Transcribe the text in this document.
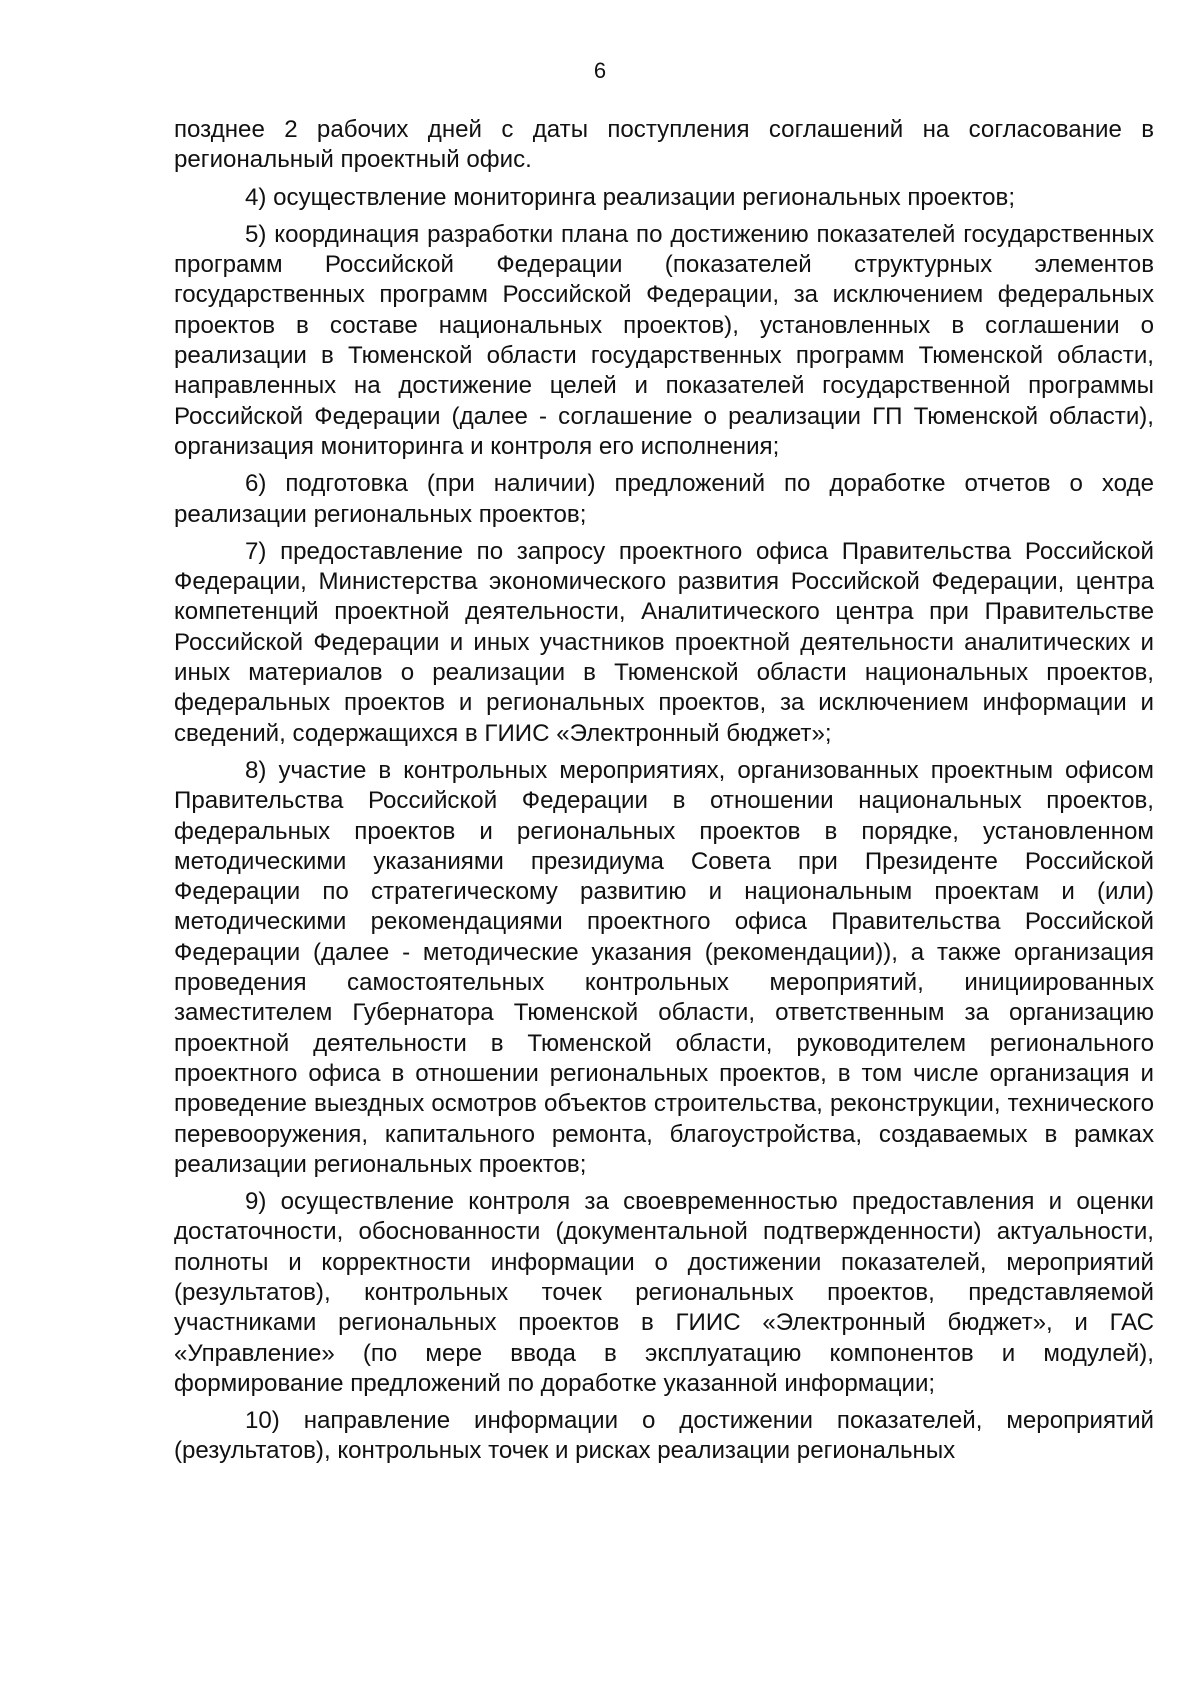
6

позднее 2 рабочих дней с даты поступления соглашений на согласование в региональный проектный офис.

4) осуществление мониторинга реализации региональных проектов;

5) координация разработки плана по достижению показателей государственных программ Российской Федерации (показателей структурных элементов государственных программ Российской Федерации, за исключением федеральных проектов в составе национальных проектов), установленных в соглашении о реализации в Тюменской области государственных программ Тюменской области, направленных на достижение целей и показателей государственной программы Российской Федерации (далее - соглашение о реализации ГП Тюменской области), организация мониторинга и контроля его исполнения;

6) подготовка (при наличии) предложений по доработке отчетов о ходе реализации региональных проектов;

7) предоставление по запросу проектного офиса Правительства Российской Федерации, Министерства экономического развития Российской Федерации, центра компетенций проектной деятельности, Аналитического центра при Правительстве Российской Федерации и иных участников проектной деятельности аналитических и иных материалов о реализации в Тюменской области национальных проектов, федеральных проектов и региональных проектов, за исключением информации и сведений, содержащихся в ГИИС «Электронный бюджет»;

8) участие в контрольных мероприятиях, организованных проектным офисом Правительства Российской Федерации в отношении национальных проектов, федеральных проектов и региональных проектов в порядке, установленном методическими указаниями президиума Совета при Президенте Российской Федерации по стратегическому развитию и национальным проектам и (или) методическими рекомендациями проектного офиса Правительства Российской Федерации (далее - методические указания (рекомендации)), а также организация проведения самостоятельных контрольных мероприятий, инициированных заместителем Губернатора Тюменской области, ответственным за организацию проектной деятельности в Тюменской области, руководителем регионального проектного офиса в отношении региональных проектов, в том числе организация и проведение выездных осмотров объектов строительства, реконструкции, технического перевооружения, капитального ремонта, благоустройства, создаваемых в рамках реализации региональных проектов;

9) осуществление контроля за своевременностью предоставления и оценки достаточности, обоснованности (документальной подтвержденности) актуальности, полноты и корректности информации о достижении показателей, мероприятий (результатов), контрольных точек региональных проектов, представляемой участниками региональных проектов в ГИИС «Электронный бюджет», и ГАС «Управление» (по мере ввода в эксплуатацию компонентов и модулей), формирование предложений по доработке указанной информации;

10) направление информации о достижении показателей, мероприятий (результатов), контрольных точек и рисках реализации региональных
